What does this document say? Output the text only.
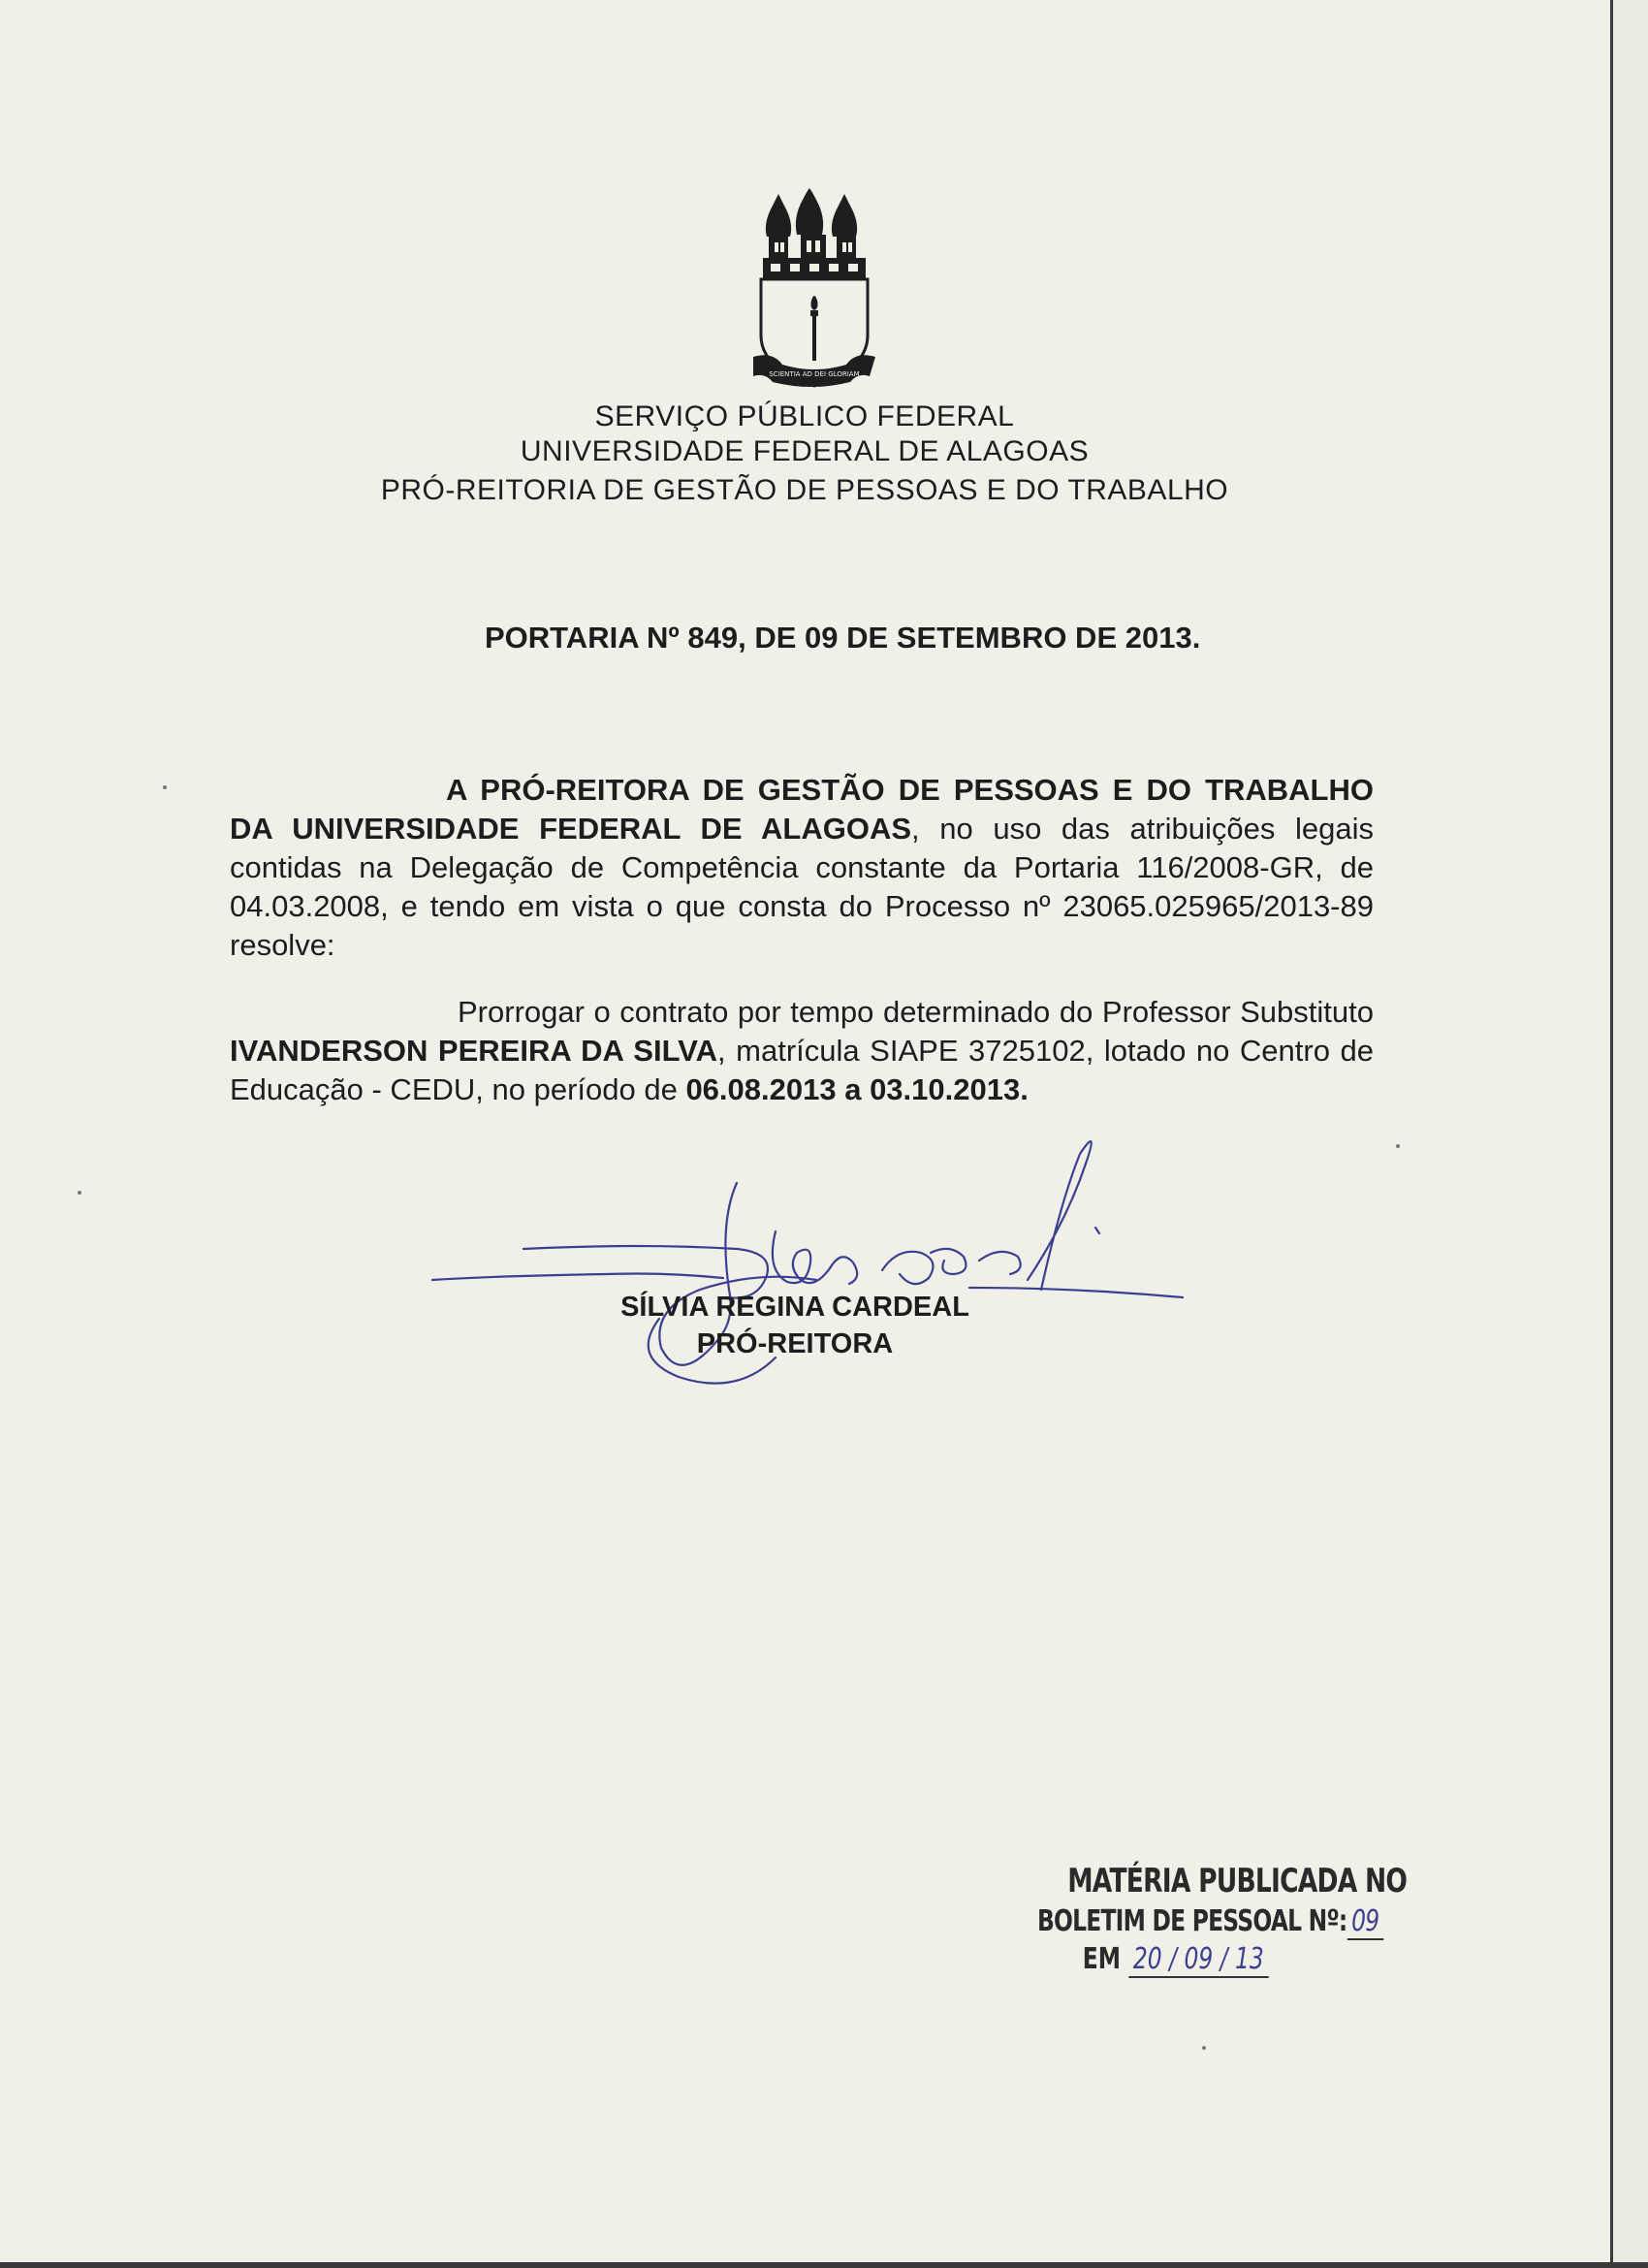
SCIENTIA AD DEI GLORIAM
SERVIÇO PÚBLICO FEDERAL
UNIVERSIDADE FEDERAL DE ALAGOAS
PRÓ-REITORIA DE GESTÃO DE PESSOAS E DO TRABALHO
PORTARIA Nº 849, DE 09 DE SETEMBRO DE 2013.
A PRÓ-REITORA DE GESTÃO DE PESSOAS E DO TRABALHO DA UNIVERSIDADE FEDERAL DE ALAGOAS, no uso das atribuições legais contidas na Delegação de Competência constante da Portaria 116/2008-GR, de 04.03.2008, e tendo em vista o que consta do Processo nº 23065.025965/2013-89 resolve:
Prorrogar o contrato por tempo determinado do Professor Substituto IVANDERSON PEREIRA DA SILVA, matrícula SIAPE 3725102, lotado no Centro de Educação - CEDU, no período de 06.08.2013 a 03.10.2013.
SÍLVIA REGINA CARDEAL
PRÓ-REITORA
MATÉRIA PUBLICADA NO
BOLETIM DE PESSOAL Nº: 09
EM 20 / 09 / 13
